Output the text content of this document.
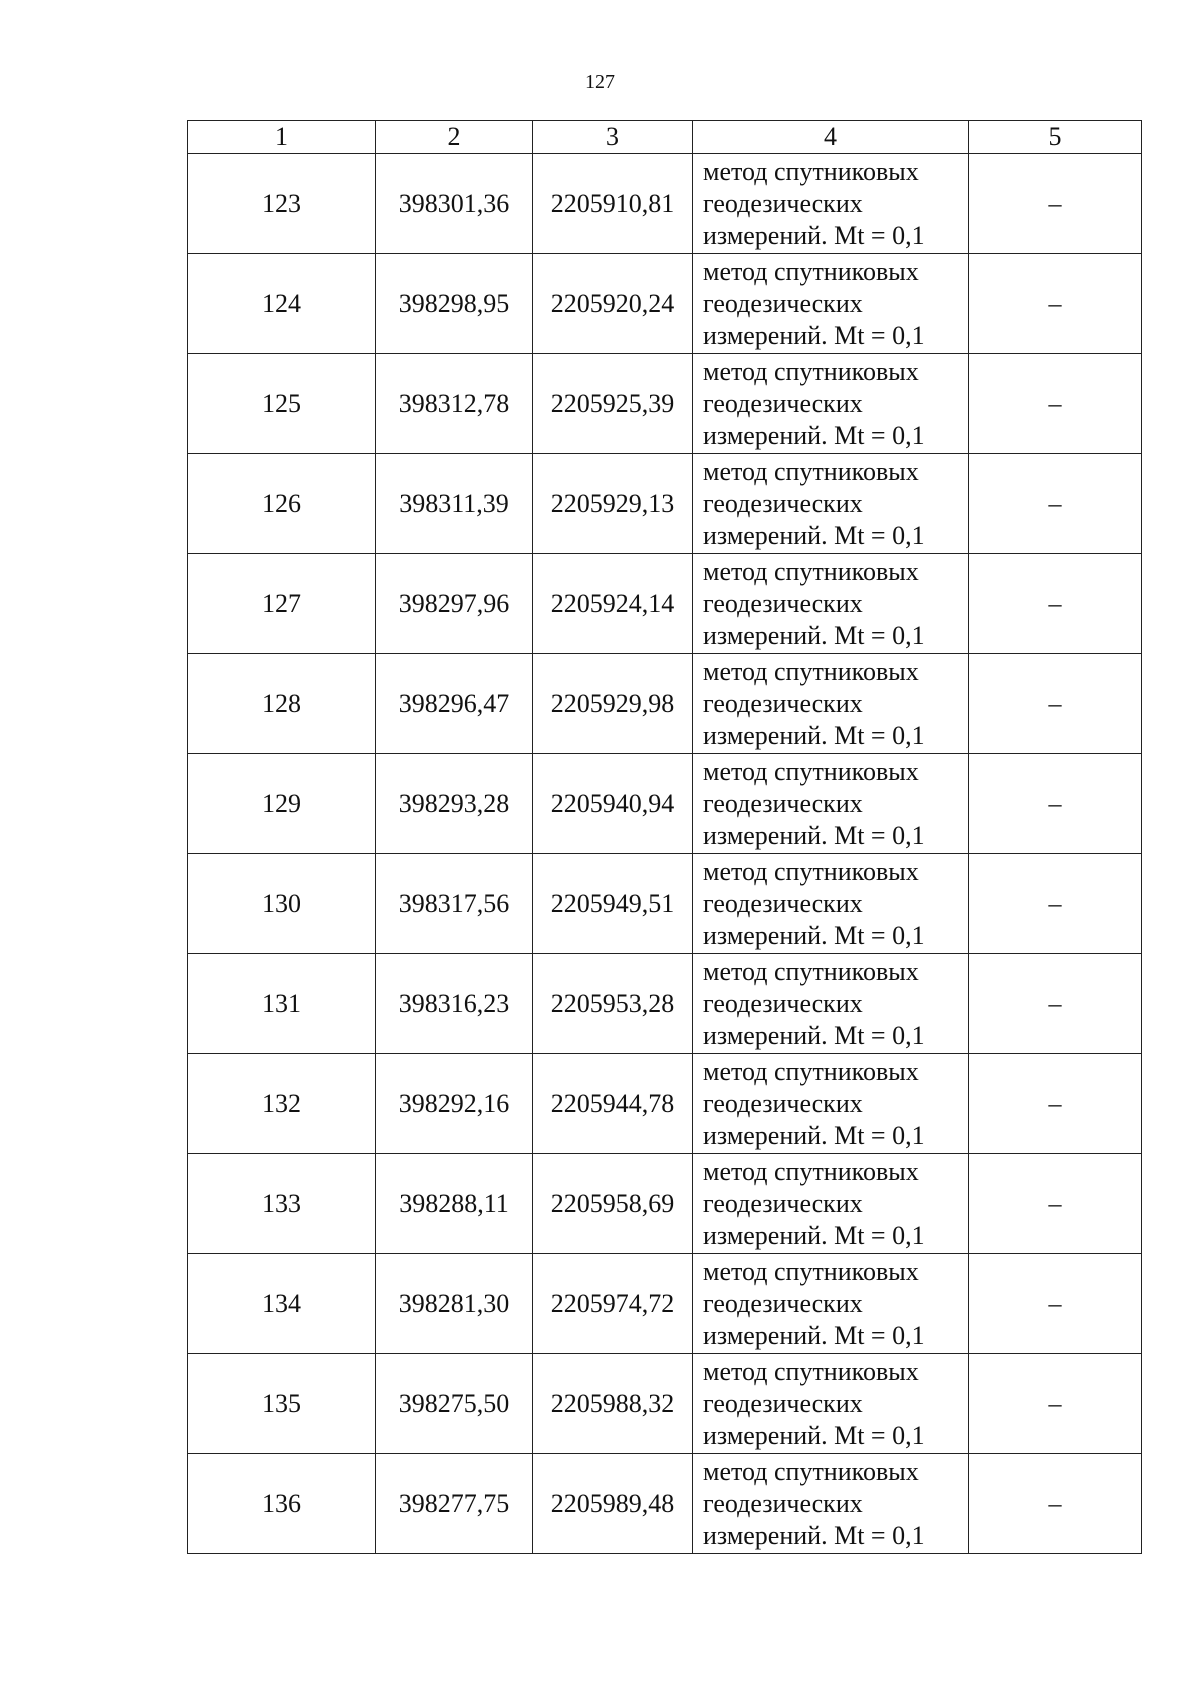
127
1	2	3	4	5
123	398301,36	2205910,81	метод спутниковых
геодезических
измерений. Mt = 0,1	–
124	398298,95	2205920,24	метод спутниковых
геодезических
измерений. Mt = 0,1	–
125	398312,78	2205925,39	метод спутниковых
геодезических
измерений. Mt = 0,1	–
126	398311,39	2205929,13	метод спутниковых
геодезических
измерений. Mt = 0,1	–
127	398297,96	2205924,14	метод спутниковых
геодезических
измерений. Mt = 0,1	–
128	398296,47	2205929,98	метод спутниковых
геодезических
измерений. Mt = 0,1	–
129	398293,28	2205940,94	метод спутниковых
геодезических
измерений. Mt = 0,1	–
130	398317,56	2205949,51	метод спутниковых
геодезических
измерений. Mt = 0,1	–
131	398316,23	2205953,28	метод спутниковых
геодезических
измерений. Mt = 0,1	–
132	398292,16	2205944,78	метод спутниковых
геодезических
измерений. Mt = 0,1	–
133	398288,11	2205958,69	метод спутниковых
геодезических
измерений. Mt = 0,1	–
134	398281,30	2205974,72	метод спутниковых
геодезических
измерений. Mt = 0,1	–
135	398275,50	2205988,32	метод спутниковых
геодезических
измерений. Mt = 0,1	–
136	398277,75	2205989,48	метод спутниковых
геодезических
измерений. Mt = 0,1	–
